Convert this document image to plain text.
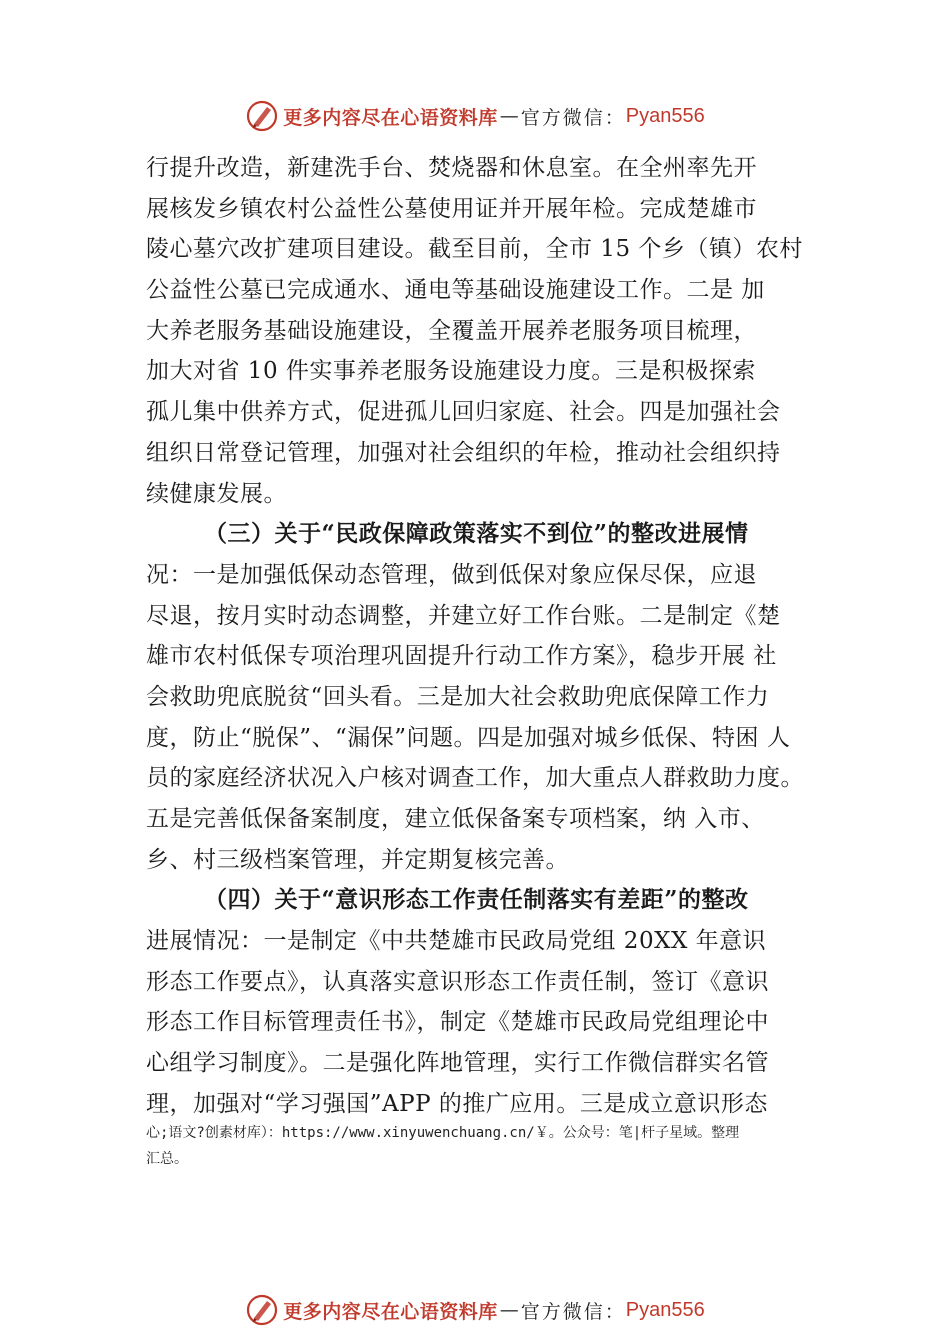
更多内容尽在心语资料库 — 官方微信： Pyan556
行提升改造，新建洗手台、焚烧器和休息室。在全州率先开
展核发乡镇农村公益性公墓使用证并开展年检。完成楚雄市
陵心墓穴改扩建项目建设。截至目前，全市 15 个乡（镇）农村
公益性公墓已完成通水、通电等基础设施建设工作。二是 加
大养老服务基础设施建设，全覆盖开展养老服务项目梳理，
加大对省 10 件实事养老服务设施建设力度。三是积极探索
孤儿集中供养方式，促进孤儿回归家庭、社会。四是加强社会
组织日常登记管理，加强对社会组织的年检，推动社会组织持
续健康发展。
（三）关于“民政保障政策落实不到位”的整改进展情
况：一是加强低保动态管理，做到低保对象应保尽保，应退
尽退，按月实时动态调整，并建立好工作台账。二是制定《楚
雄市农村低保专项治理巩固提升行动工作方案》，稳步开展 社
会救助兜底脱贫“回头看。三是加大社会救助兜底保障工作力
度，防止“脱保”、“漏保”问题。四是加强对城乡低保、特困 人
员的家庭经济状况入户核对调查工作，加大重点人群救助力度。
五是完善低保备案制度，建立低保备案专项档案，纳 入市、
乡、村三级档案管理，并定期复核完善。
（四）关于“意识形态工作责任制落实有差距”的整改
进展情况：一是制定《中共楚雄市民政局党组 20XX 年意识
形态工作要点》，认真落实意识形态工作责任制，签订《意识
形态工作目标管理责任书》，制定《楚雄市民政局党组理论中
心组学习制度》。二是强化阵地管理，实行工作微信群实名管
理，加强对“学习强国”APP 的推广应用。三是成立意识形态
心;语文?创素材库）：https://www.xinyuwenchuang.cn/￥。公众号：笔|杆子星域。整理
汇总。
更多内容尽在心语资料库 — 官方微信： Pyan556
